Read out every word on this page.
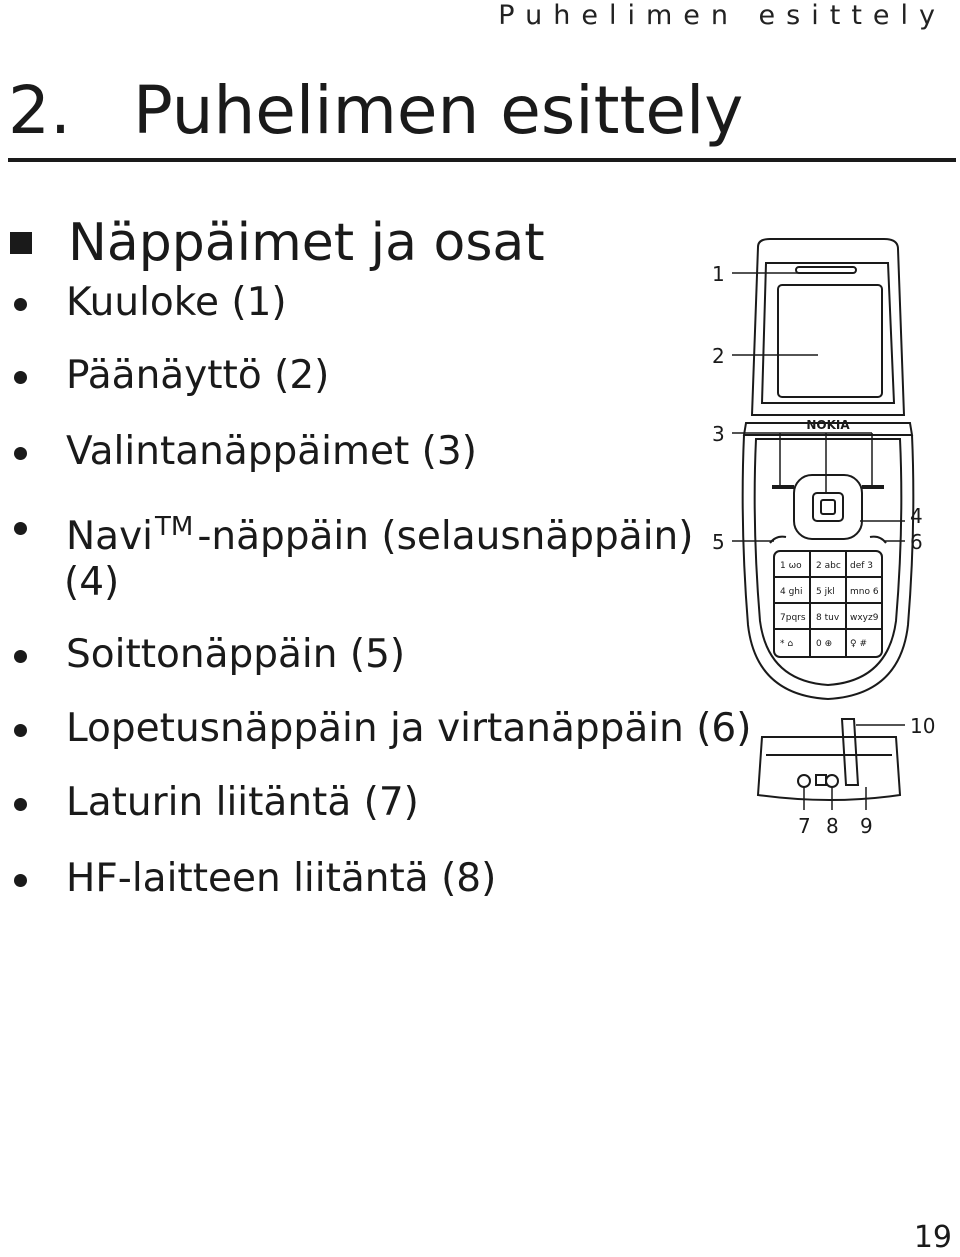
Puhelimen esittely
2. Puhelimen esittely
Näppäimet ja osat
Kuuloke (1)
Päänäyttö (2)
Valintanäppäimet (3)
Navi™ -näppäin (selausnäppäin)
(4)
Soittonäppäin (5)
Lopetusnäppäin ja virtanäppäin (6)
Laturin liitäntä (7)
HF-laitteen liitäntä (8)
NOKIA
1 ωo 2 abc def 3
4 ghi 5 jkl mno 6
7pqrs 8 tuv wxyz9
* ⌂	0 ⊕ ♀ #
1
2
3
4
5	6
7 8 9
10
19
